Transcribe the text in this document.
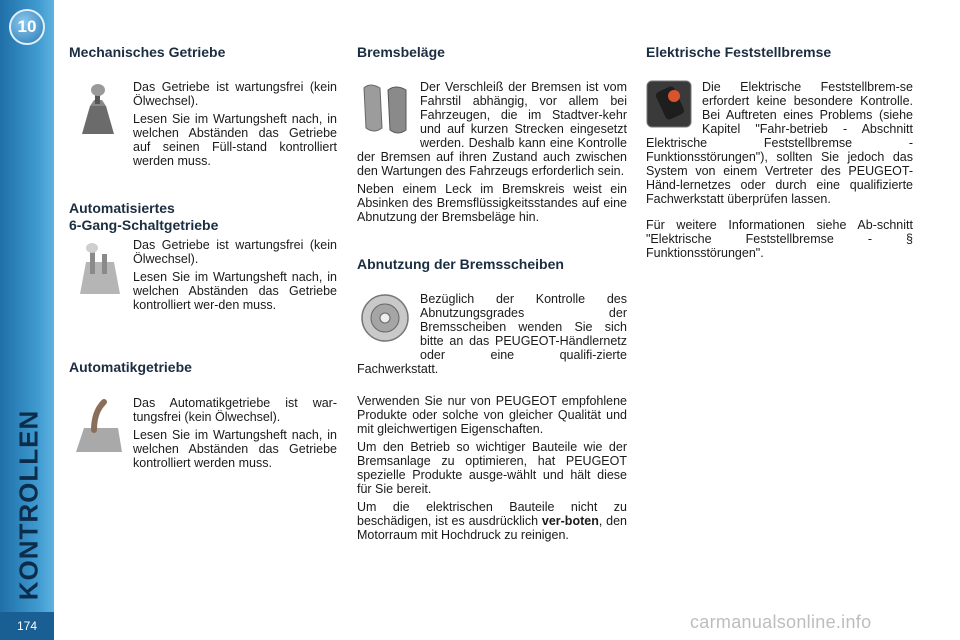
10
KONTROLLEN
174
Mechanisches Getriebe

Das Getriebe ist wartungsfrei (kein Ölwechsel).

Lesen Sie im Wartungsheft nach, in welchen Abständen das Getriebe auf seinen Füll-stand kontrolliert werden muss.

Automatisiertes
6-Gang-Schaltgetriebe

Das Getriebe ist wartungsfrei (kein Ölwechsel).

Lesen Sie im Wartungsheft nach, in welchen Abständen das Getriebe kontrolliert wer-den muss.

Automatikgetriebe

Das Automatikgetriebe ist war-tungsfrei (kein Ölwechsel).

Lesen Sie im Wartungsheft nach, in welchen Abständen das Getriebe kontrolliert werden muss.

Bremsbeläge

Der Verschleiß der Bremsen ist vom Fahrstil abhängig, vor allem bei Fahrzeugen, die im Stadtver-kehr und auf kurzen Strecken eingesetzt werden. Deshalb kann eine Kontrolle der Bremsen auf ihren Zustand auch zwischen den Wartungen des Fahrzeugs erforderlich sein.

Neben einem Leck im Bremskreis weist ein Absinken des Bremsflüssigkeitsstandes auf eine Abnutzung der Bremsbeläge hin.

Abnutzung der Bremsscheiben

Bezüglich der Kontrolle des Abnutzungsgrades der Bremsscheiben wenden Sie sich bitte an das PEUGEOT-Händlernetz oder eine qualifi-zierte Fachwerkstatt.

Verwenden Sie nur von PEUGEOT empfohlene Produkte oder solche von gleicher Qualität und mit gleichwertigen Eigenschaften.

Um den Betrieb so wichtiger Bauteile wie der Bremsanlage zu optimieren, hat PEUGEOT spezielle Produkte ausge-wählt und hält diese für Sie bereit.

Um die elektrischen Bauteile nicht zu beschädigen, ist es ausdrücklich ver-boten, den Motorraum mit Hochdruck zu reinigen.

Elektrische Feststellbremse

Die Elektrische Feststellbrem-se erfordert keine besondere Kontrolle. Bei Auftreten eines Problems (siehe Kapitel "Fahr-betrieb - Abschnitt Elektrische Feststellbremse - Funktionsstörungen"), sollten Sie jedoch das System von einem Vertreter des PEUGEOT-Händ-lernetzes oder durch eine qualifizierte Fachwerkstatt überprüfen lassen.

Für weitere Informationen siehe Ab-schnitt "Elektrische Feststellbremse - § Funktionsstörungen".

carmanualsonline.info
